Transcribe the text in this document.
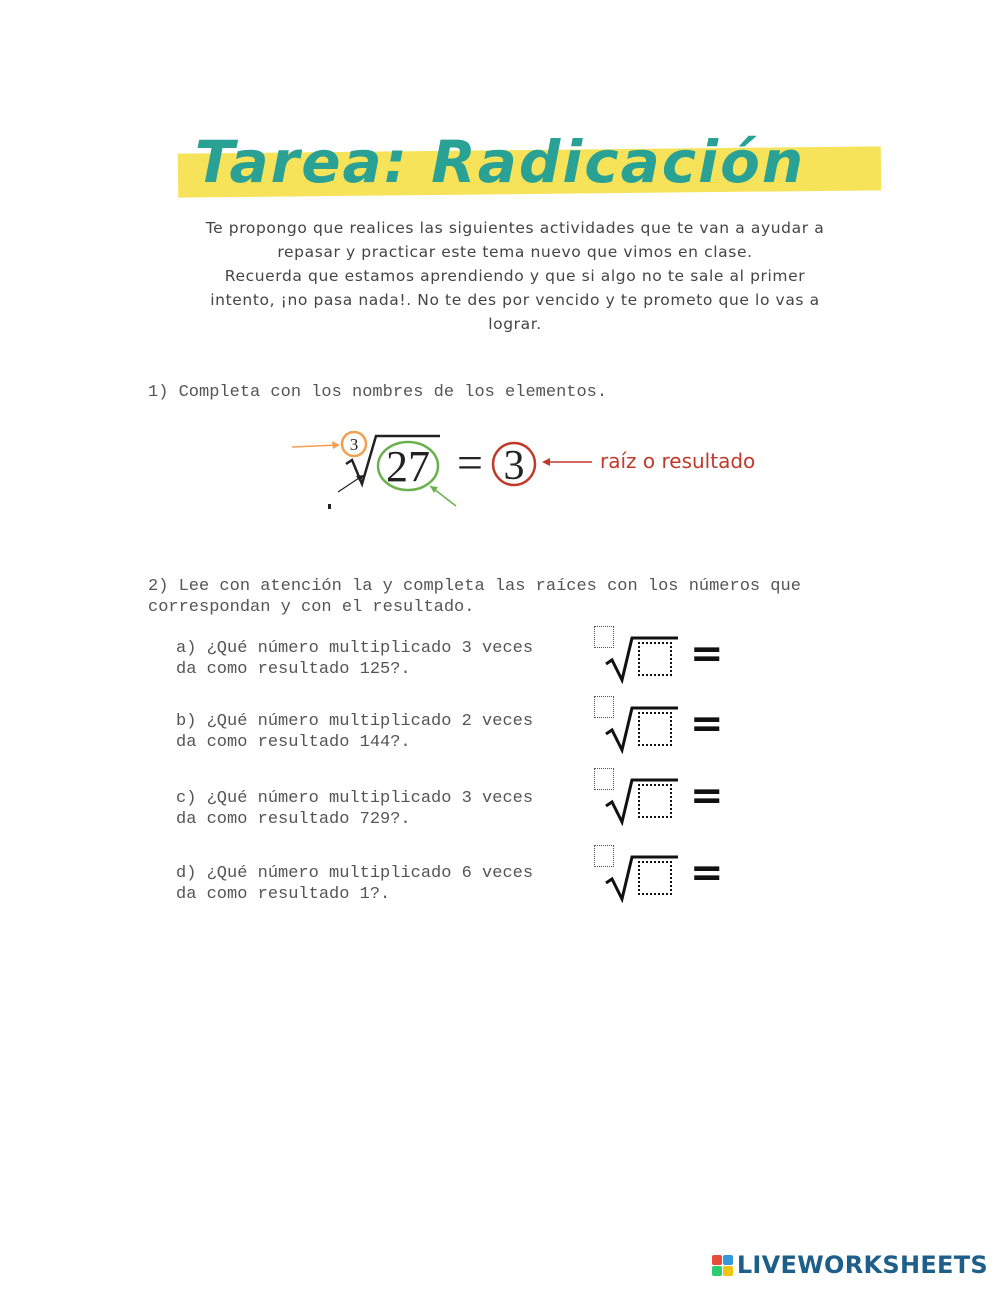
Tarea: Radicación
Te propongo que realices las siguientes actividades que te van a ayudar a
repasar y practicar este tema nuevo que vimos en clase.
Recuerda que estamos aprendiendo y que si algo no te sale al primer
intento, ¡no pasa nada!. No te des por vencido y te prometo que lo vas a
lograr.
1) Completa con los nombres de los elementos.
3 27 = 3	raíz o resultado
2) Lee con atención la y completa las raíces con los números que
correspondan y con el resultado.
a) ¿Qué número multiplicado 3 veces
da como resultado 125?.	=
b) ¿Qué número multiplicado 2 veces
da como resultado 144?.	=
c) ¿Qué número multiplicado 3 veces
da como resultado 729?.
=
d) ¿Qué número multiplicado 6 veces
da como resultado 1?.	=
LIVEWORKSHEETS
